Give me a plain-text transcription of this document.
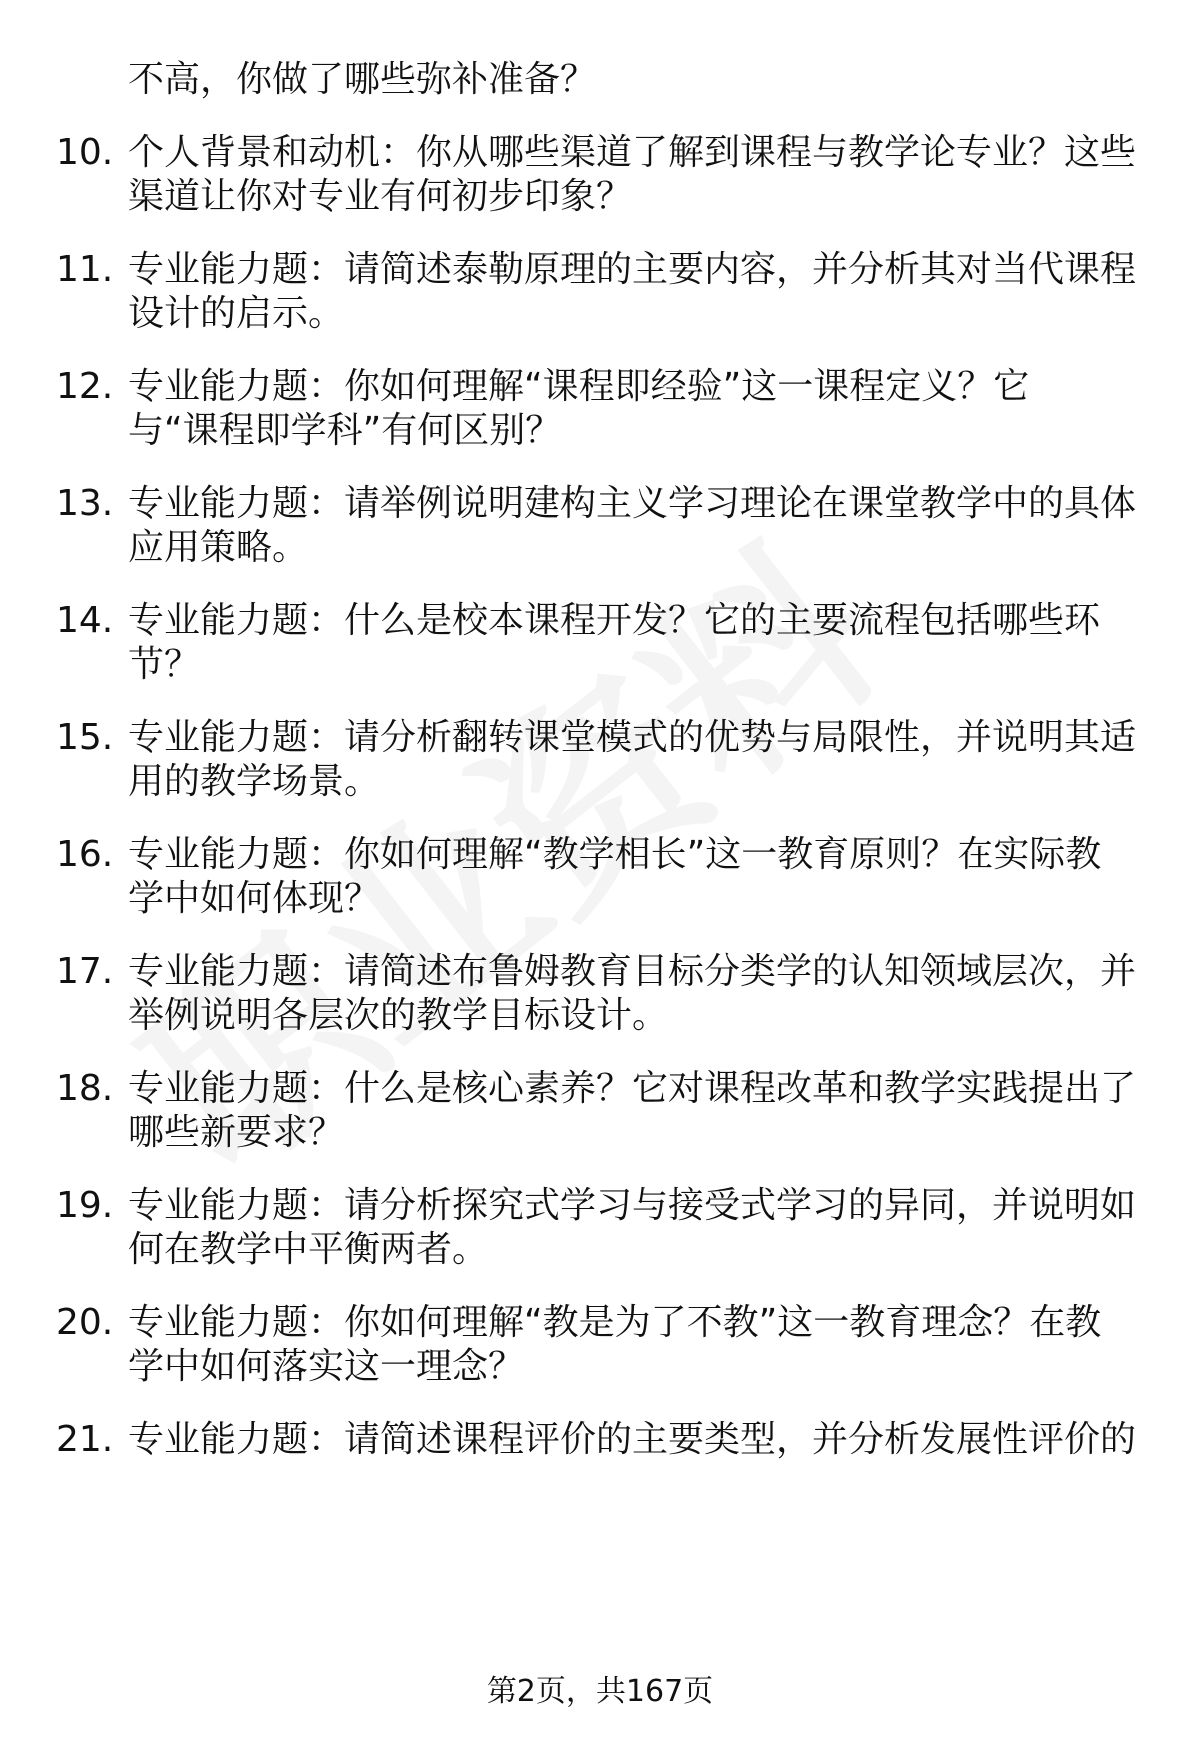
不高，你做了哪些弥补准备？
10. 个人背景和动机：你从哪些渠道了解到课程与教学论专业？这些
渠道让你对专业有何初步印象？
11. 专业能力题：请简述泰勒原理的主要内容，并分析其对当代课程
设计的启示。
12. 专业能力题：你如何理解“课程即经验”这一课程定义？它
与“课程即学科”有何区别？
13. 专业能力题：请举例说明建构主义学习理论在课堂教学中的具体
应用策略。
14. 专业能力题：什么是校本课程开发？它的主要流程包括哪些环
节？
15. 专业能力题：请分析翻转课堂模式的优势与局限性，并说明其适
用的教学场景。
16. 专业能力题：你如何理解“教学相长”这一教育原则？在实际教
学中如何体现？
17. 专业能力题：请简述布鲁姆教育目标分类学的认知领域层次，并
举例说明各层次的教学目标设计。
18. 专业能力题：什么是核心素养？它对课程改革和教学实践提出了
哪些新要求？
19. 专业能力题：请分析探究式学习与接受式学习的异同，并说明如
何在教学中平衡两者。
20. 专业能力题：你如何理解“教是为了不教”这一教育理念？在教
学中如何落实这一理念？
21. 专业能力题：请简述课程评价的主要类型，并分析发展性评价的
第2页，共167页
